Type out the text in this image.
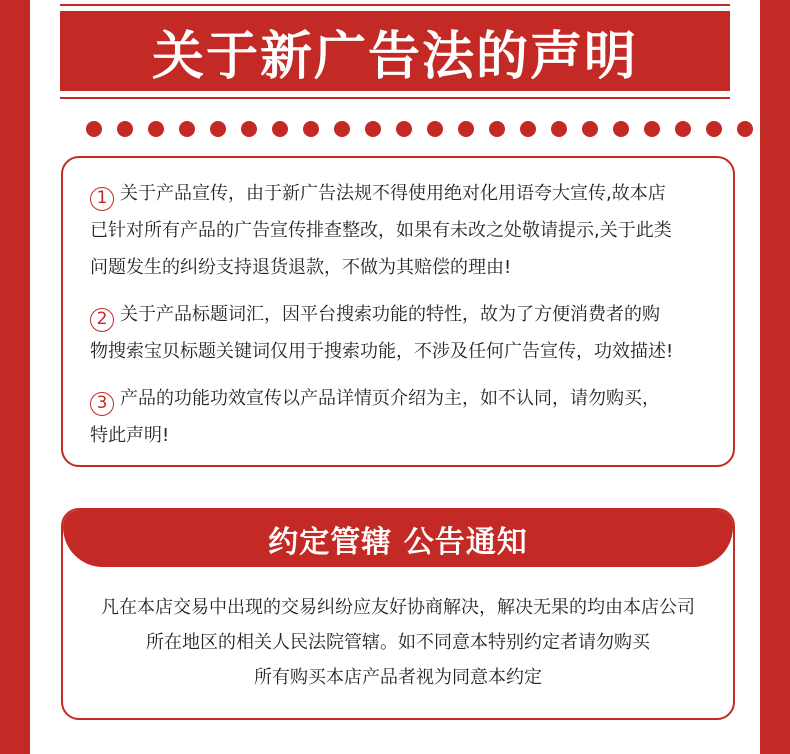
关于新广告法的声明
1 关于产品宣传，由于新广告法规不得使用绝对化用语夸大宣传,故本店
已针对所有产品的广告宣传排查整改，如果有未改之处敬请提示,关于此类
问题发生的纠纷支持退货退款，不做为其赔偿的理由!
2 关于产品标题词汇，因平台搜索功能的特性，故为了方便消费者的购
物搜索宝贝标题关键词仅用于搜索功能，不涉及任何广告宣传，功效描述!
3 产品的功能功效宣传以产品详情页介绍为主，如不认同，请勿购买，
特此声明!
约定管辖 公告通知
凡在本店交易中出现的交易纠纷应友好协商解决，解决无果的均由本店公司
所在地区的相关人民法院管辖。如不同意本特别约定者请勿购买
所有购买本店产品者视为同意本约定
